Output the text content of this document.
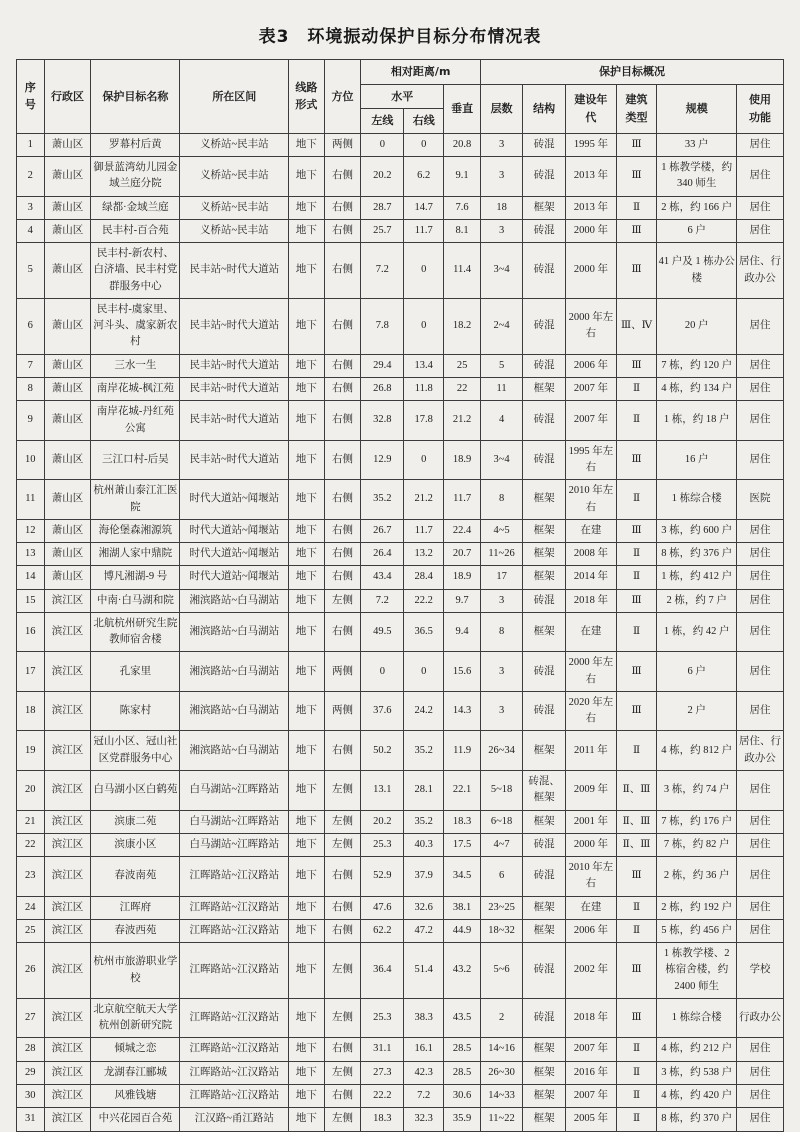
表3 环境振动保护目标分布情况表
序号	行政区	保护目标名称	所在区间	线路形式	方位	相对距离/m			保护目标概况					
						水平		垂直	层数	结构	建设年代	建筑类型	规模	使用功能
						左线	右线							
1	萧山区	罗幕村后黄	义桥站~民丰站	地下	两侧	0	0	20.8	3	砖混	1995 年	Ⅲ	33 户	居住
2	萧山区	御景蓝湾幼儿园金域兰庭分院	义桥站~民丰站	地下	右侧	20.2	6.2	9.1	3	砖混	2013 年	Ⅲ	1 栋教学楼，约 340 师生	居住
3	萧山区	绿都·金域兰庭	义桥站~民丰站	地下	右侧	28.7	14.7	7.6	18	框架	2013 年	Ⅱ	2 栋，约 166 户	居住
4	萧山区	民丰村-百合苑	义桥站~民丰站	地下	右侧	25.7	11.7	8.1	3	砖混	2000 年	Ⅲ	6 户	居住
5	萧山区	民丰村-新农村、白济墙、民丰村党群服务中心	民丰站~时代大道站	地下	右侧	7.2	0	11.4	3~4	砖混	2000 年	Ⅲ	41 户及 1 栋办公楼	居住、行政办公
6	萧山区	民丰村-虞家里、河斗头、虞家新农村	民丰站~时代大道站	地下	右侧	7.8	0	18.2	2~4	砖混	2000 年左右	Ⅲ、Ⅳ	20 户	居住
7	萧山区	三水一生	民丰站~时代大道站	地下	右侧	29.4	13.4	25	5	砖混	2006 年	Ⅲ	7 栋，约 120 户	居住
8	萧山区	南岸花城-枫江苑	民丰站~时代大道站	地下	右侧	26.8	11.8	22	11	框架	2007 年	Ⅱ	4 栋，约 134 户	居住
9	萧山区	南岸花城-丹红苑公寓	民丰站~时代大道站	地下	右侧	32.8	17.8	21.2	4	砖混	2007 年	Ⅱ	1 栋，约 18 户	居住
10	萧山区	三江口村-后吴	民丰站~时代大道站	地下	右侧	12.9	0	18.9	3~4	砖混	1995 年左右	Ⅲ	16 户	居住
11	萧山区	杭州萧山泰江汇医院	时代大道站~闻堰站	地下	右侧	35.2	21.2	11.7	8	框架	2010 年左右	Ⅱ	1 栋综合楼	医院
12	萧山区	海伦堡森湘源筑	时代大道站~闻堰站	地下	右侧	26.7	11.7	22.4	4~5	框架	在建	Ⅲ	3 栋，约 600 户	居住
13	萧山区	湘湖人家中鼎院	时代大道站~闻堰站	地下	右侧	26.4	13.2	20.7	11~26	框架	2008 年	Ⅱ	8 栋，约 376 户	居住
14	萧山区	博凡湘湖-9 号	时代大道站~闻堰站	地下	右侧	43.4	28.4	18.9	17	框架	2014 年	Ⅱ	1 栋，约 412 户	居住
15	滨江区	中南·白马湖和院	湘滨路站~白马湖站	地下	左侧	7.2	22.2	9.7	3	砖混	2018 年	Ⅲ	2 栋，约 7 户	居住
16	滨江区	北航杭州研究生院教师宿舍楼	湘滨路站~白马湖站	地下	右侧	49.5	36.5	9.4	8	框架	在建	Ⅱ	1 栋，约 42 户	居住
17	滨江区	孔家里	湘滨路站~白马湖站	地下	两侧	0	0	15.6	3	砖混	2000 年左右	Ⅲ	6 户	居住
18	滨江区	陈家村	湘滨路站~白马湖站	地下	两侧	37.6	24.2	14.3	3	砖混	2020 年左右	Ⅲ	2 户	居住
19	滨江区	冠山小区、冠山社区党群服务中心	湘滨路站~白马湖站	地下	右侧	50.2	35.2	11.9	26~34	框架	2011 年	Ⅱ	4 栋，约 812 户	居住、行政办公
20	滨江区	白马湖小区白鹤苑	白马湖站~江晖路站	地下	左侧	13.1	28.1	22.1	5~18	砖混、框架	2009 年	Ⅱ、Ⅲ	3 栋，约 74 户	居住
21	滨江区	滨康二苑	白马湖站~江晖路站	地下	左侧	20.2	35.2	18.3	6~18	框架	2001 年	Ⅱ、Ⅲ	7 栋，约 176 户	居住
22	滨江区	滨康小区	白马湖站~江晖路站	地下	左侧	25.3	40.3	17.5	4~7	砖混	2000 年	Ⅱ、Ⅲ	7 栋，约 82 户	居住
23	滨江区	春波南苑	江晖路站~江汉路站	地下	右侧	52.9	37.9	34.5	6	砖混	2010 年左右	Ⅲ	2 栋，约 36 户	居住
24	滨江区	江晖府	江晖路站~江汉路站	地下	右侧	47.6	32.6	38.1	23~25	框架	在建	Ⅱ	2 栋，约 192 户	居住
25	滨江区	春波西苑	江晖路站~江汉路站	地下	右侧	62.2	47.2	44.9	18~32	框架	2006 年	Ⅱ	5 栋，约 456 户	居住
26	滨江区	杭州市旅游职业学校	江晖路站~江汉路站	地下	左侧	36.4	51.4	43.2	5~6	砖混	2002 年	Ⅲ	1 栋教学楼、2 栋宿舍楼，约 2400 师生	学校
27	滨江区	北京航空航天大学杭州创新研究院	江晖路站~江汉路站	地下	左侧	25.3	38.3	43.5	2	砖混	2018 年	Ⅲ	1 栋综合楼	行政办公
28	滨江区	倾城之恋	江晖路站~江汉路站	地下	右侧	31.1	16.1	28.5	14~16	框架	2007 年	Ⅱ	4 栋，约 212 户	居住
29	滨江区	龙湖春江郦城	江晖路站~江汉路站	地下	左侧	27.3	42.3	28.5	26~30	框架	2016 年	Ⅱ	3 栋，约 538 户	居住
30	滨江区	风雅钱塘	江晖路站~江汉路站	地下	右侧	22.2	7.2	30.6	14~33	框架	2007 年	Ⅱ	4 栋，约 420 户	居住
31	滨江区	中兴花园百合苑	江汉路~甬江路站	地下	左侧	18.3	32.3	35.9	11~22	框架	2005 年	Ⅱ	8 栋，约 370 户	居住
